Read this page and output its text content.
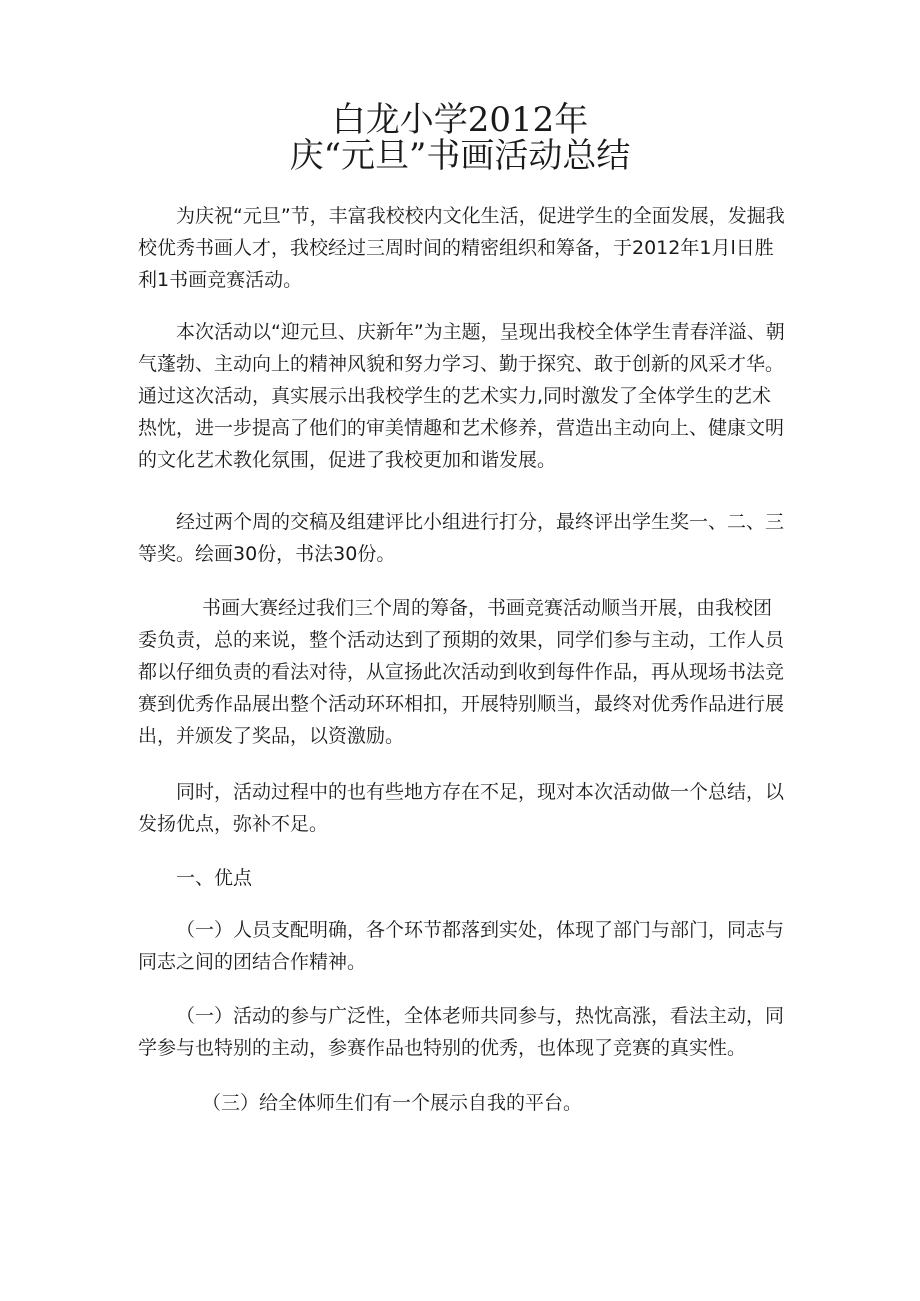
白龙小学2012年
庆“元旦”书画活动总结

为庆祝“元旦”节，丰富我校校内文化生活，促进学生的全面发展，发掘我校优秀书画人才，我校经过三周时间的精密组织和筹备，于2012年1月l日胜利1书画竞赛活动。

本次活动以“迎元旦、庆新年”为主题，呈现出我校全体学生青春洋溢、朝气蓬勃、主动向上的精神风貌和努力学习、勤于探究、敢于创新的风采才华。通过这次活动，真实展示出我校学生的艺术实力,同时激发了全体学生的艺术热忱，进一步提高了他们的审美情趣和艺术修养，营造出主动向上、健康文明的文化艺术教化氛围，促进了我校更加和谐发展。

经过两个周的交稿及组建评比小组进行打分，最终评出学生奖一、二、三等奖。绘画30份，书法30份。

书画大赛经过我们三个周的筹备，书画竞赛活动顺当开展，由我校团委负责，总的来说，整个活动达到了预期的效果，同学们参与主动，工作人员都以仔细负责的看法对待，从宣扬此次活动到收到每件作品，再从现场书法竞赛到优秀作品展出整个活动环环相扣，开展特别顺当，最终对优秀作品进行展出，并颁发了奖品，以资激励。

同时，活动过程中的也有些地方存在不足，现对本次活动做一个总结，以发扬优点，弥补不足。

一、优点

（一）人员支配明确，各个环节都落到实处，体现了部门与部门，同志与同志之间的团结合作精神。

（一）活动的参与广泛性，全体老师共同参与，热忱高涨，看法主动，同学参与也特别的主动，参赛作品也特别的优秀，也体现了竞赛的真实性。

（三）给全体师生们有一个展示自我的平台。
